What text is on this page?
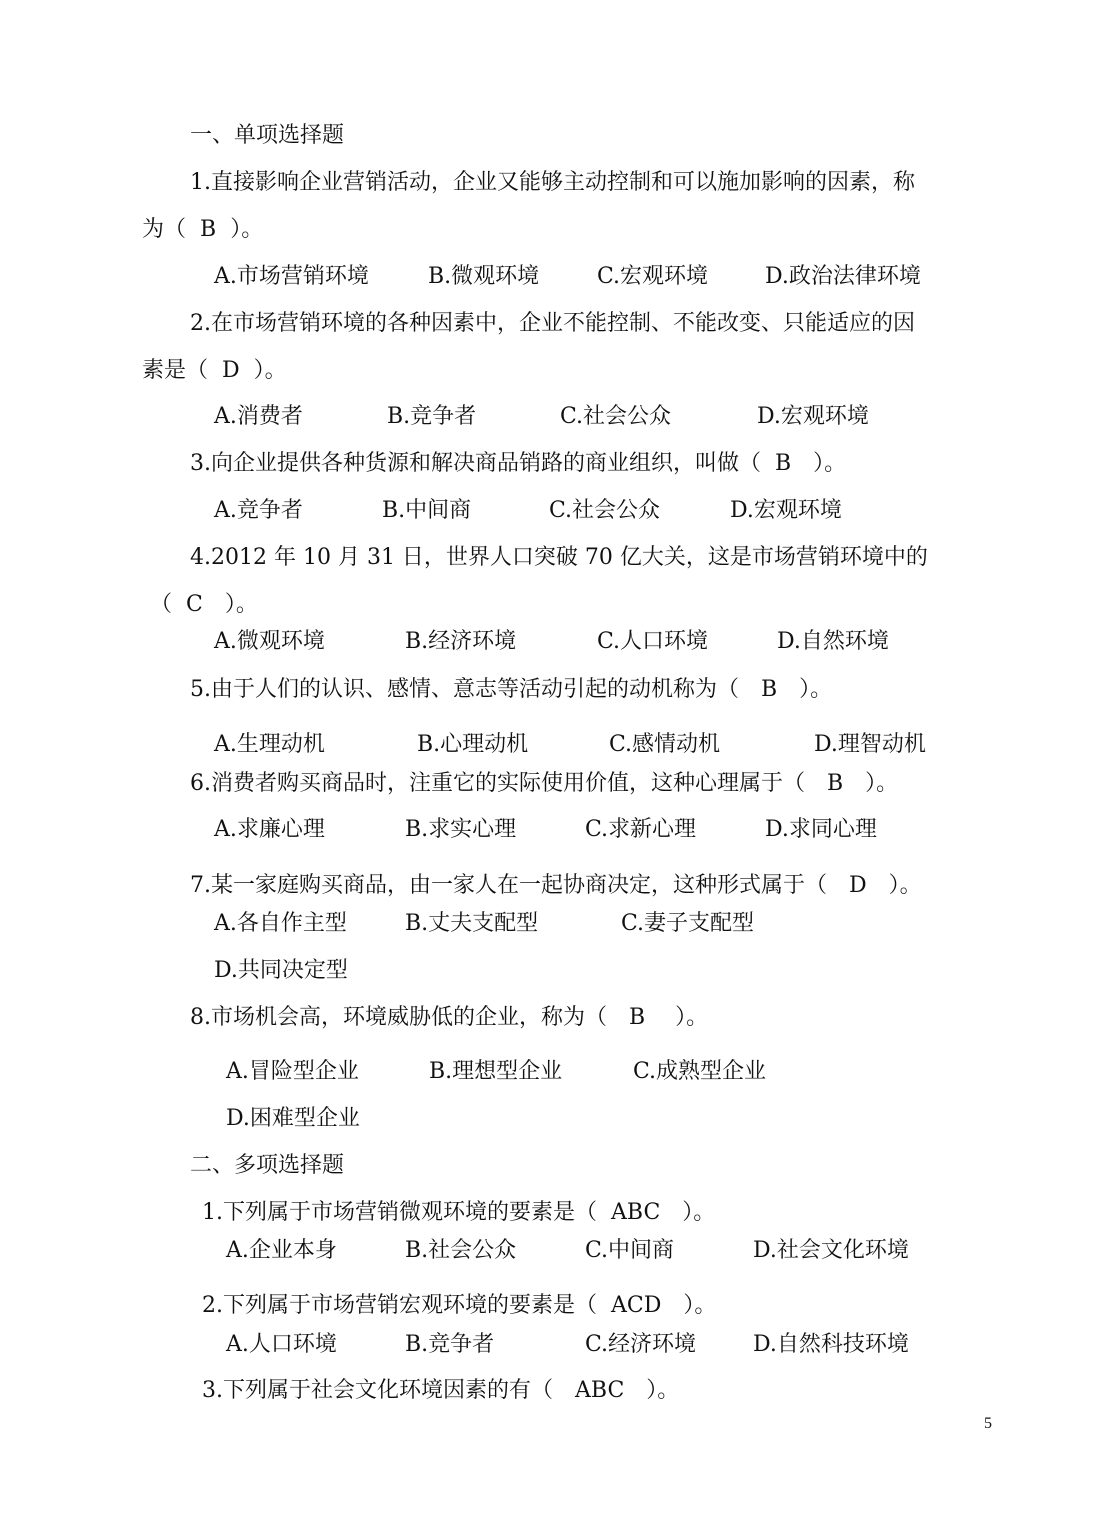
一、单项选择题
1.直接影响企业营销活动，企业又能够主动控制和可以施加影响的因素，称
为（ B ）。
A.市场营销环境	B.微观环境	C.宏观环境	D.政治法律环境
2.在市场营销环境的各种因素中，企业不能控制、不能改变、只能适应的因
素是（ D ）。
A.消费者	B.竞争者	C.社会公众	D.宏观环境
3.向企业提供各种货源和解决商品销路的商业组织，叫做（ B ）。
A.竞争者	B.中间商	C.社会公众	D.宏观环境
4.2012 年 10 月 31 日，世界人口突破 70 亿大关，这是市场营销环境中的
（ C ）。
A.微观环境	B.经济环境	C.人口环境	D.自然环境
5.由于人们的认识、感情、意志等活动引起的动机称为（ B ）。
A.生理动机	B.心理动机	C.感情动机	D.理智动机
6.消费者购买商品时，注重它的实际使用价值，这种心理属于（ B ）。
A.求廉心理	B.求实心理	C.求新心理	D.求同心理
7.某一家庭购买商品，由一家人在一起协商决定，这种形式属于（ D ）。
A.各自作主型	B.丈夫支配型	C.妻子支配型
D.共同决定型
8.市场机会高，环境威胁低的企业，称为（ B ）。
A.冒险型企业	B.理想型企业	C.成熟型企业
D.困难型企业
二、多项选择题
1.下列属于市场营销微观环境的要素是（ ABC ）。
A.企业本身	B.社会公众	C.中间商	D.社会文化环境
2.下列属于市场营销宏观环境的要素是（ ACD ）。
A.人口环境	B.竞争者	C.经济环境	D.自然科技环境
3.下列属于社会文化环境因素的有（ ABC ）。
5
